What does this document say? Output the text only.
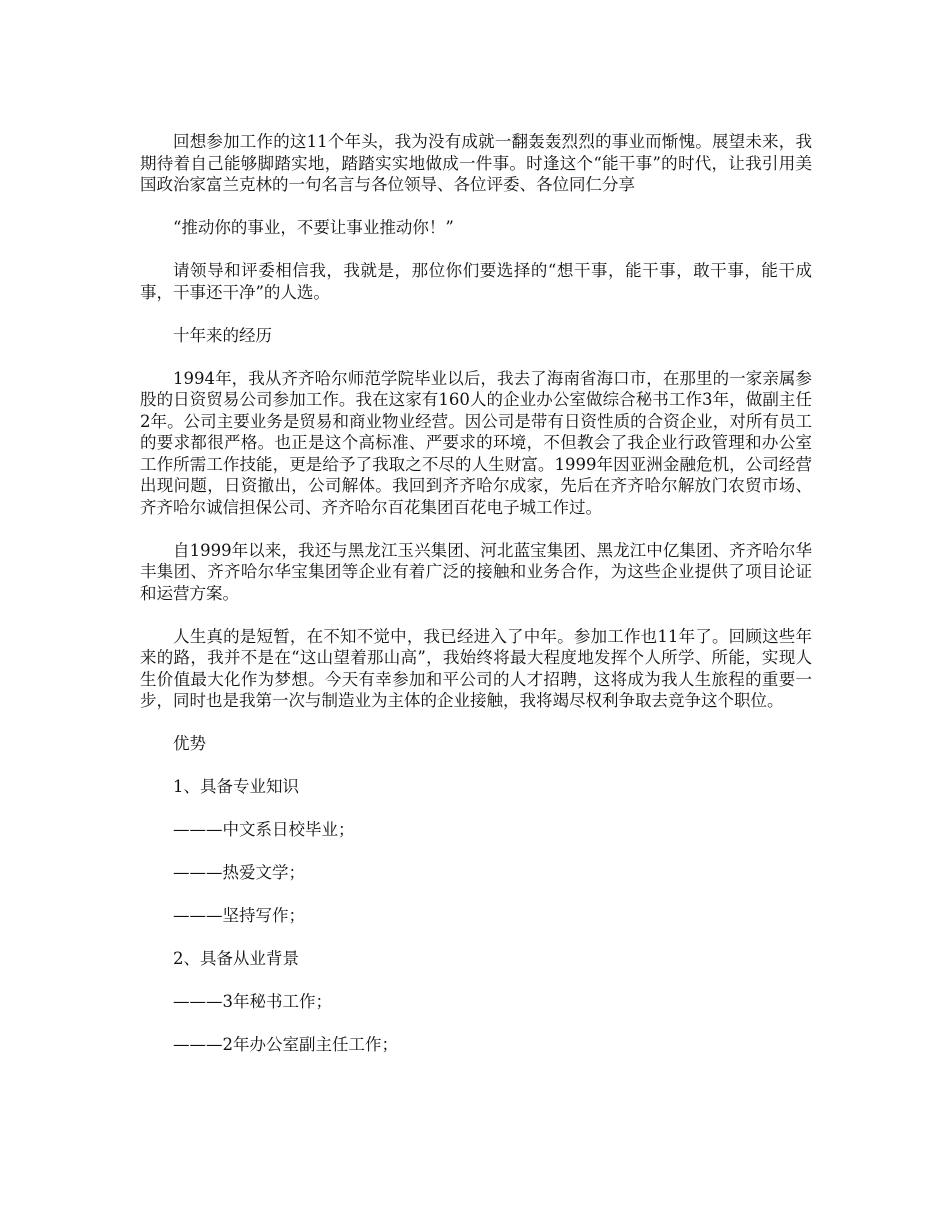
回想参加工作的这11个年头，我为没有成就一翻轰轰烈烈的事业而惭愧。展望未来，我期待着自己能够脚踏实地，踏踏实实地做成一件事。时逢这个“能干事”的时代，让我引用美国政治家富兰克林的一句名言与各位领导、各位评委、各位同仁分享

“推动你的事业，不要让事业推动你！”

请领导和评委相信我，我就是，那位你们要选择的“想干事，能干事，敢干事，能干成事，干事还干净”的人选。

十年来的经历

1994年，我从齐齐哈尔师范学院毕业以后，我去了海南省海口市，在那里的一家亲属参股的日资贸易公司参加工作。我在这家有160人的企业办公室做综合秘书工作3年，做副主任2年。公司主要业务是贸易和商业物业经营。因公司是带有日资性质的合资企业，对所有员工的要求都很严格。也正是这个高标准、严要求的环境，不但教会了我企业行政管理和办公室工作所需工作技能，更是给予了我取之不尽的人生财富。1999年因亚洲金融危机，公司经营出现问题，日资撤出，公司解体。我回到齐齐哈尔成家，先后在齐齐哈尔解放门农贸市场、齐齐哈尔诚信担保公司、齐齐哈尔百花集团百花电子城工作过。

自1999年以来，我还与黑龙江玉兴集团、河北蓝宝集团、黑龙江中亿集团、齐齐哈尔华丰集团、齐齐哈尔华宝集团等企业有着广泛的接触和业务合作，为这些企业提供了项目论证和运营方案。

人生真的是短暂，在不知不觉中，我已经进入了中年。参加工作也11年了。回顾这些年来的路，我并不是在“这山望着那山高”，我始终将最大程度地发挥个人所学、所能，实现人生价值最大化作为梦想。今天有幸参加和平公司的人才招聘，这将成为我人生旅程的重要一步，同时也是我第一次与制造业为主体的企业接触，我将竭尽权利争取去竞争这个职位。

优势

1、具备专业知识

———中文系日校毕业；

———热爱文学；

———坚持写作；

2、具备从业背景

———3年秘书工作；

———2年办公室副主任工作；
